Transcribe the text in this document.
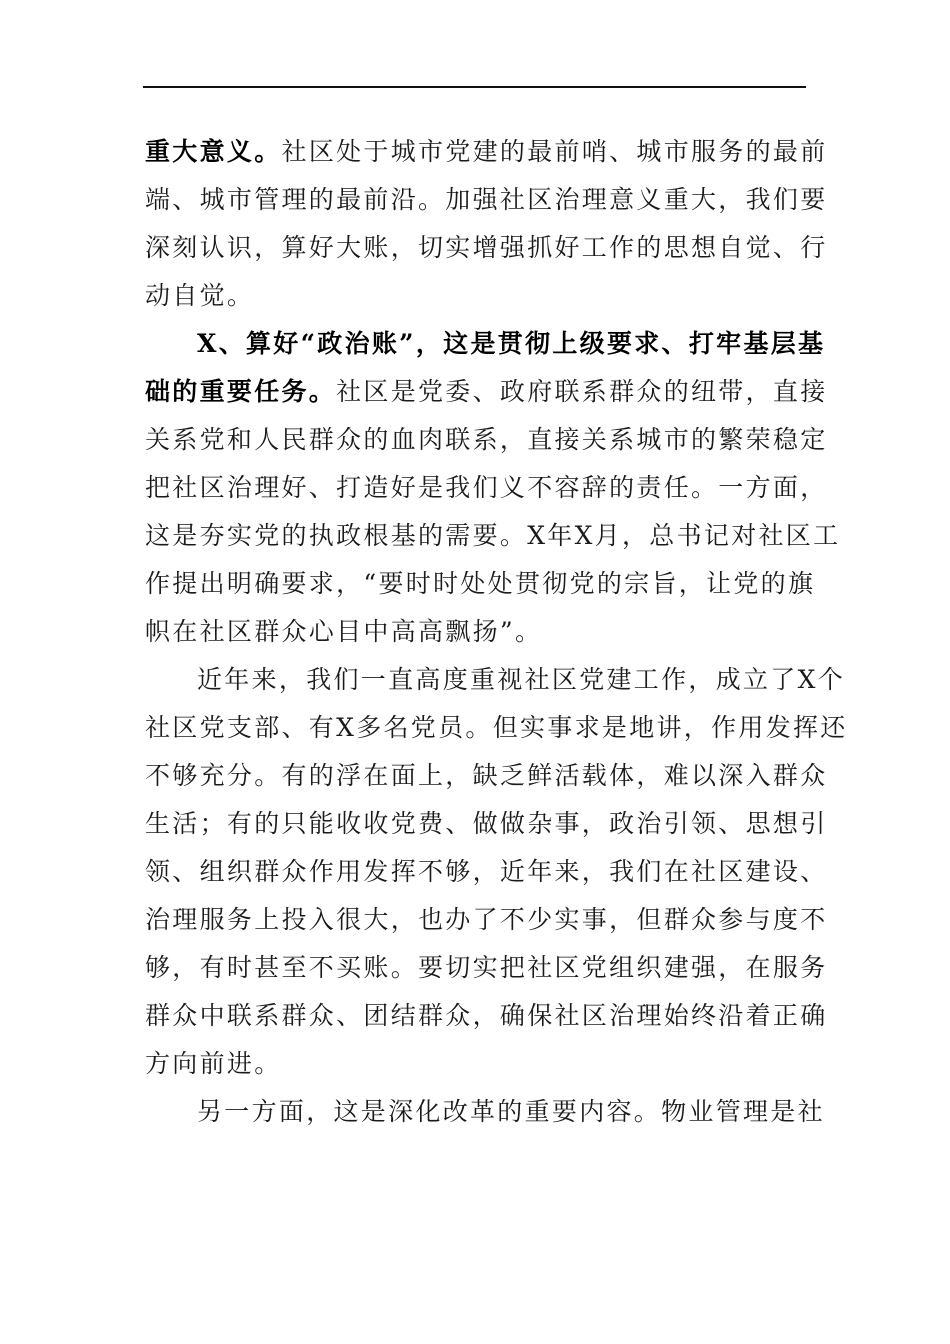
重大意义。社区处于城市党建的最前哨、城市服务的最前
端、城市管理的最前沿。加强社区治理意义重大，我们要
深刻认识，算好大账，切实增强抓好工作的思想自觉、行
动自觉。
X、算好“政治账”，这是贯彻上级要求、打牢基层基
础的重要任务。社区是党委、政府联系群众的纽带，直接
关系党和人民群众的血肉联系，直接关系城市的繁荣稳定
把社区治理好、打造好是我们义不容辞的责任。一方面，
这是夯实党的执政根基的需要。X年X月，总书记对社区工
作提出明确要求，“要时时处处贯彻党的宗旨，让党的旗
帜在社区群众心目中高高飘扬”。
近年来，我们一直高度重视社区党建工作，成立了X个
社区党支部、有X多名党员。但实事求是地讲，作用发挥还
不够充分。有的浮在面上，缺乏鲜活载体，难以深入群众
生活；有的只能收收党费、做做杂事，政治引领、思想引
领、组织群众作用发挥不够，近年来，我们在社区建设、
治理服务上投入很大，也办了不少实事，但群众参与度不
够，有时甚至不买账。要切实把社区党组织建强，在服务
群众中联系群众、团结群众，确保社区治理始终沿着正确
方向前进。
另一方面，这是深化改革的重要内容。物业管理是社
